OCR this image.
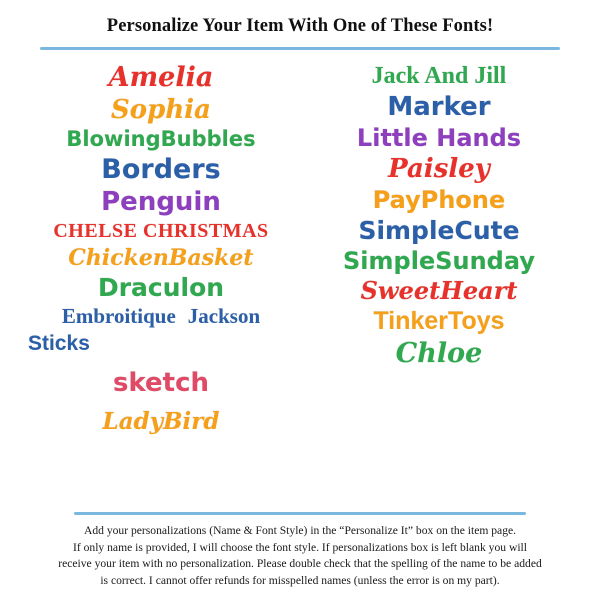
Personalize Your Item With One of These Fonts!
Amelia
Sophia
BlowingBubbles
Borders
Penguin
CHELSE CHRISTMAS
ChickenBasket
Draculon
Embroitique Jackson
Sticks
sketch
LadyBird
Jack And Jill
Marker
Little Hands
Paisley
PayPhone
SimpleCute
SimpleSunday
SweetHeart
TinkerToys
Chloe

Add your personalizations (Name & Font Style) in the “Personalize It” box on the item page.

If only name is provided, I will choose the font style. If personalizations box is left blank you will

receive your item with no personalization. Please double check that the spelling of the name to be added

is correct. I cannot offer refunds for misspelled names (unless the error is on my part).
